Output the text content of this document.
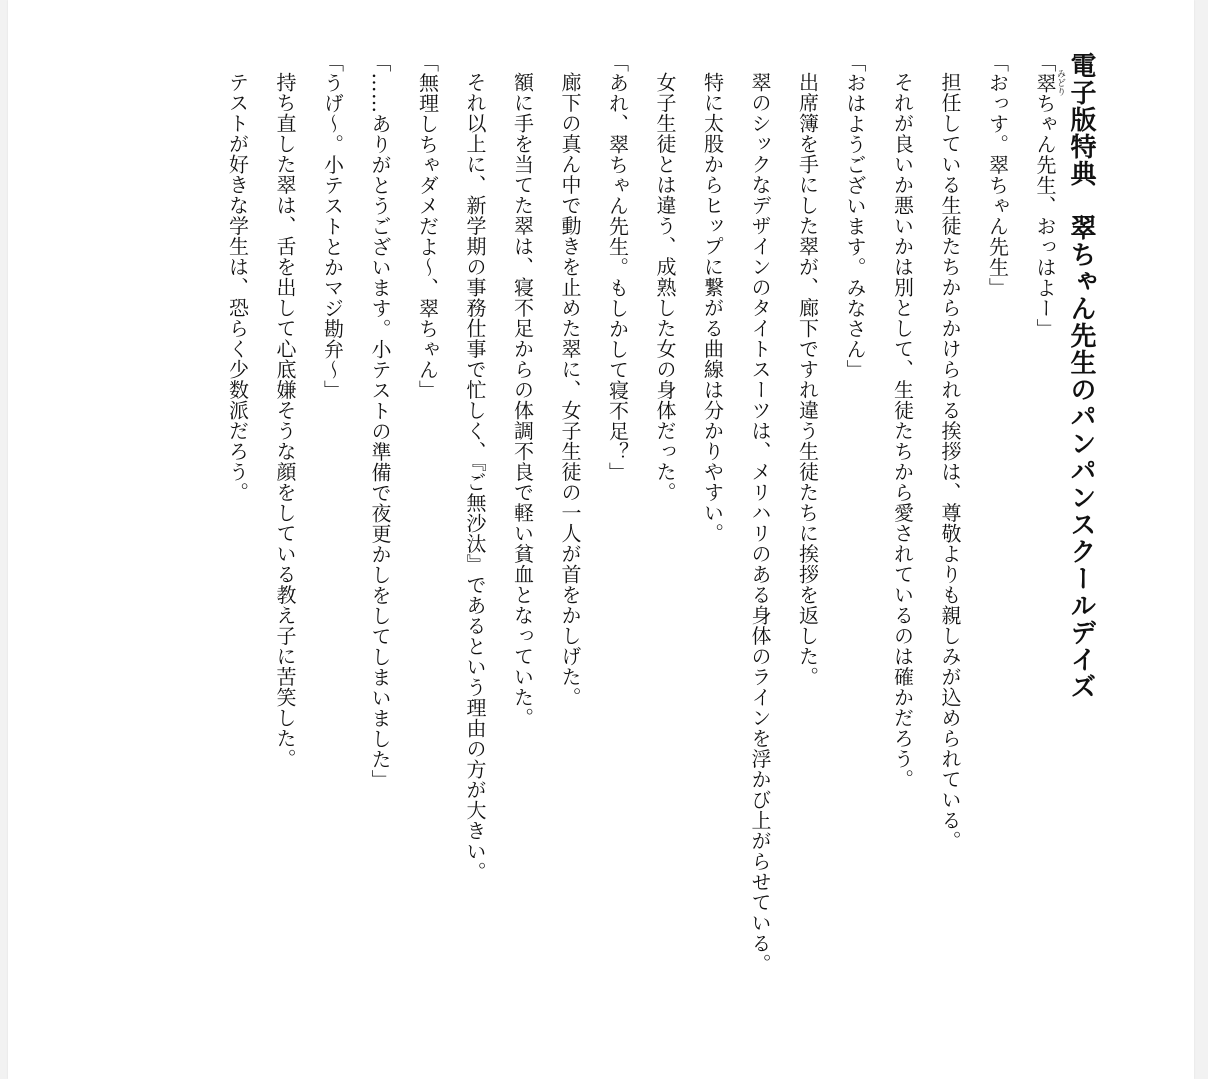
電子版特典　翠ちゃん先生のパンパンスクールデイズ

「翠みどりちゃん先生、おっはよー」

「おっす。翠ちゃん先生」

担任している生徒たちからかけられる挨拶は、尊敬よりも親しみが込められている。

それが良いか悪いかは別として、生徒たちから愛されているのは確かだろう。

「おはようございます。みなさん」

出席簿を手にした翠が、廊下ですれ違う生徒たちに挨拶を返した。

翠のシックなデザインのタイトスーツは、メリハリのある身体のラインを浮かび上がらせている。

特に太股からヒップに繋がる曲線は分かりやすい。

女子生徒とは違う、成熟した女の身体だった。

「あれ、翠ちゃん先生。もしかして寝不足？」

廊下の真ん中で動きを止めた翠に、女子生徒の一人が首をかしげた。

額に手を当てた翠は、寝不足からの体調不良で軽い貧血となっていた。

それ以上に、新学期の事務仕事で忙しく、『ご無沙汰』であるという理由の方が大きい。

「無理しちゃダメだよ～、翠ちゃん」

「……ありがとうございます。小テストの準備で夜更かしをしてしまいました」

「うげ～。小テストとかマジ勘弁～」

持ち直した翠は、舌を出して心底嫌そうな顔をしている教え子に苦笑した。

テストが好きな学生は、恐らく少数派だろう。
